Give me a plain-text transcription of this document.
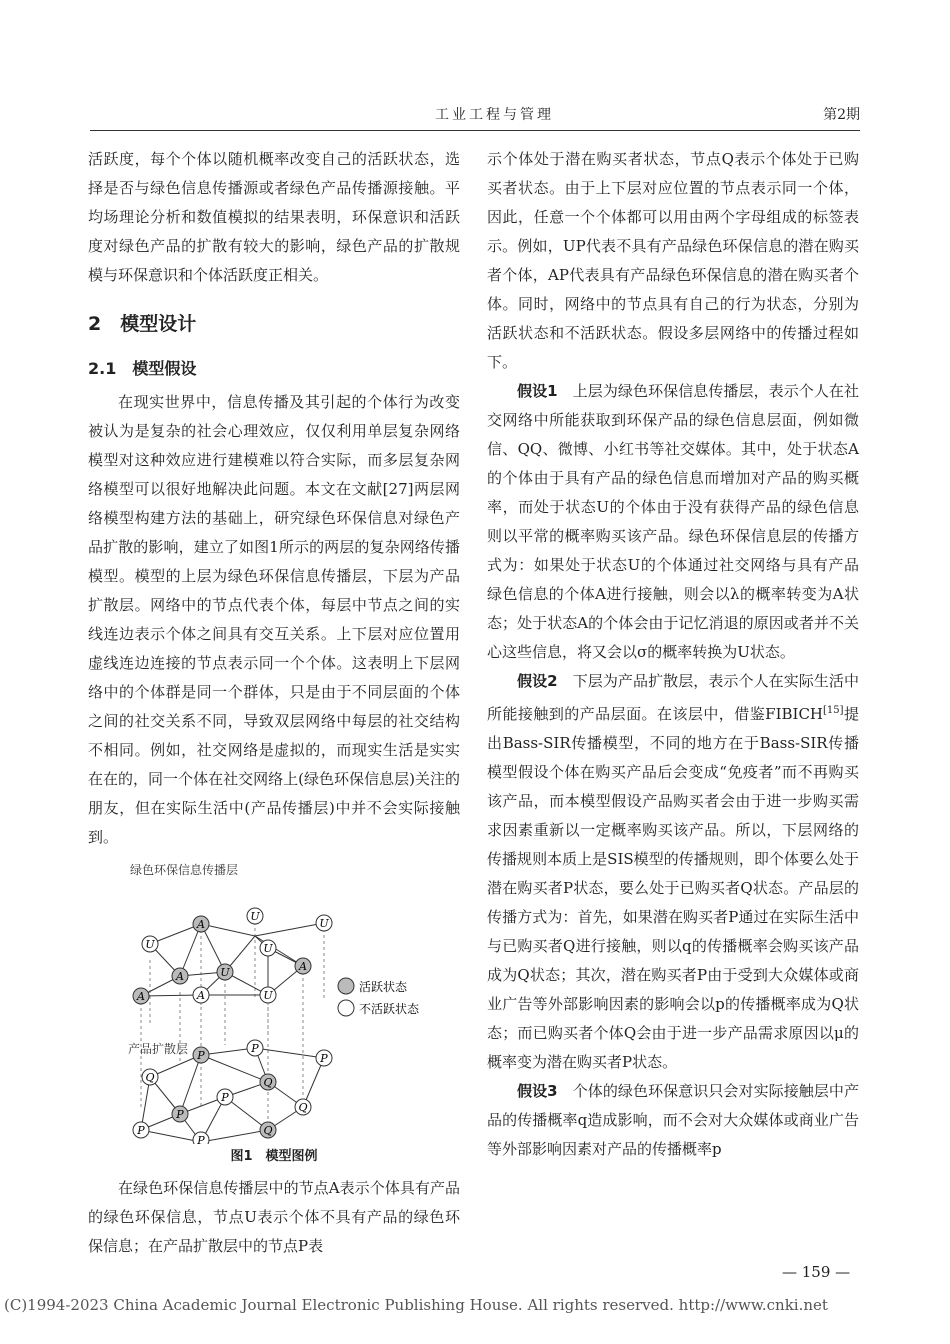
工业工程与管理	第2期

活跃度，每个个体以随机概率改变自己的活跃状态，选择是否与绿色信息传播源或者绿色产品传播源接触。平均场理论分析和数值模拟的结果表明，环保意识和活跃度对绿色产品的扩散有较大的影响，绿色产品的扩散规模与环保意识和个体活跃度正相关。

2　模型设计
2.1　模型假设

在现实世界中，信息传播及其引起的个体行为改变被认为是复杂的社会心理效应，仅仅利用单层复杂网络模型对这种效应进行建模难以符合实际，而多层复杂网络模型可以很好地解决此问题。本文在文献[27]两层网络模型构建方法的基础上，研究绿色环保信息对绿色产品扩散的影响，建立了如图1所示的两层的复杂网络传播模型。模型的上层为绿色环保信息传播层，下层为产品扩散层。网络中的节点代表个体，每层中节点之间的实线连边表示个体之间具有交互关系。上下层对应位置用虚线连边连接的节点表示同一个个体。这表明上下层网络中的个体群是同一个群体，只是由于不同层面的个体之间的社交关系不同，导致双层网络中每层的社交结构不相同。例如，社交网络是虚拟的，而现实生活是实实在在的，同一个体在社交网络上(绿色环保信息层)关注的朋友，但在实际生活中(产品传播层)中并不会实际接触到。

绿色环保信息传播层
产品扩散层
A
U
U
U	U
A	U	A
A	A	U
P
P
P
Q	Q
P
P
Q
P
P
Q
活跃状态
不活跃状态
图1　模型图例

在绿色环保信息传播层中的节点A表示个体具有产品的绿色环保信息，节点U表示个体不具有产品的绿色环保信息；在产品扩散层中的节点P表

示个体处于潜在购买者状态，节点Q表示个体处于已购买者状态。由于上下层对应位置的节点表示同一个体，因此，任意一个个体都可以用由两个字母组成的标签表示。例如，UP代表不具有产品绿色环保信息的潜在购买者个体，AP代表具有产品绿色环保信息的潜在购买者个体。同时，网络中的节点具有自己的行为状态，分别为活跃状态和不活跃状态。假设多层网络中的传播过程如下。

假设1　上层为绿色环保信息传播层，表示个人在社交网络中所能获取到环保产品的绿色信息层面，例如微信、QQ、微博、小红书等社交媒体。其中，处于状态A的个体由于具有产品的绿色信息而增加对产品的购买概率，而处于状态U的个体由于没有获得产品的绿色信息则以平常的概率购买该产品。绿色环保信息层的传播方式为：如果处于状态U的个体通过社交网络与具有产品绿色信息的个体A进行接触，则会以λ的概率转变为A状态；处于状态A的个体会由于记忆消退的原因或者并不关心这些信息，将又会以σ的概率转换为U状态。

假设2　下层为产品扩散层，表示个人在实际生活中所能接触到的产品层面。在该层中，借鉴FIBICH[15]提出Bass-SIR传播模型，不同的地方在于Bass-SIR传播模型假设个体在购买产品后会变成“免疫者”而不再购买该产品，而本模型假设产品购买者会由于进一步购买需求因素重新以一定概率购买该产品。所以，下层网络的传播规则本质上是SIS模型的传播规则，即个体要么处于潜在购买者P状态，要么处于已购买者Q状态。产品层的传播方式为：首先，如果潜在购买者P通过在实际生活中与已购买者Q进行接触，则以q的传播概率会购买该产品成为Q状态；其次，潜在购买者P由于受到大众媒体或商业广告等外部影响因素的影响会以p的传播概率成为Q状态；而已购买者个体Q会由于进一步产品需求原因以μ的概率变为潜在购买者P状态。

假设3　个体的绿色环保意识只会对实际接触层中产品的传播概率q造成影响，而不会对大众媒体或商业广告等外部影响因素对产品的传播概率p

— 159 —
(C)1994-2023 China Academic Journal Electronic Publishing House. All rights reserved. http://www.cnki.net
